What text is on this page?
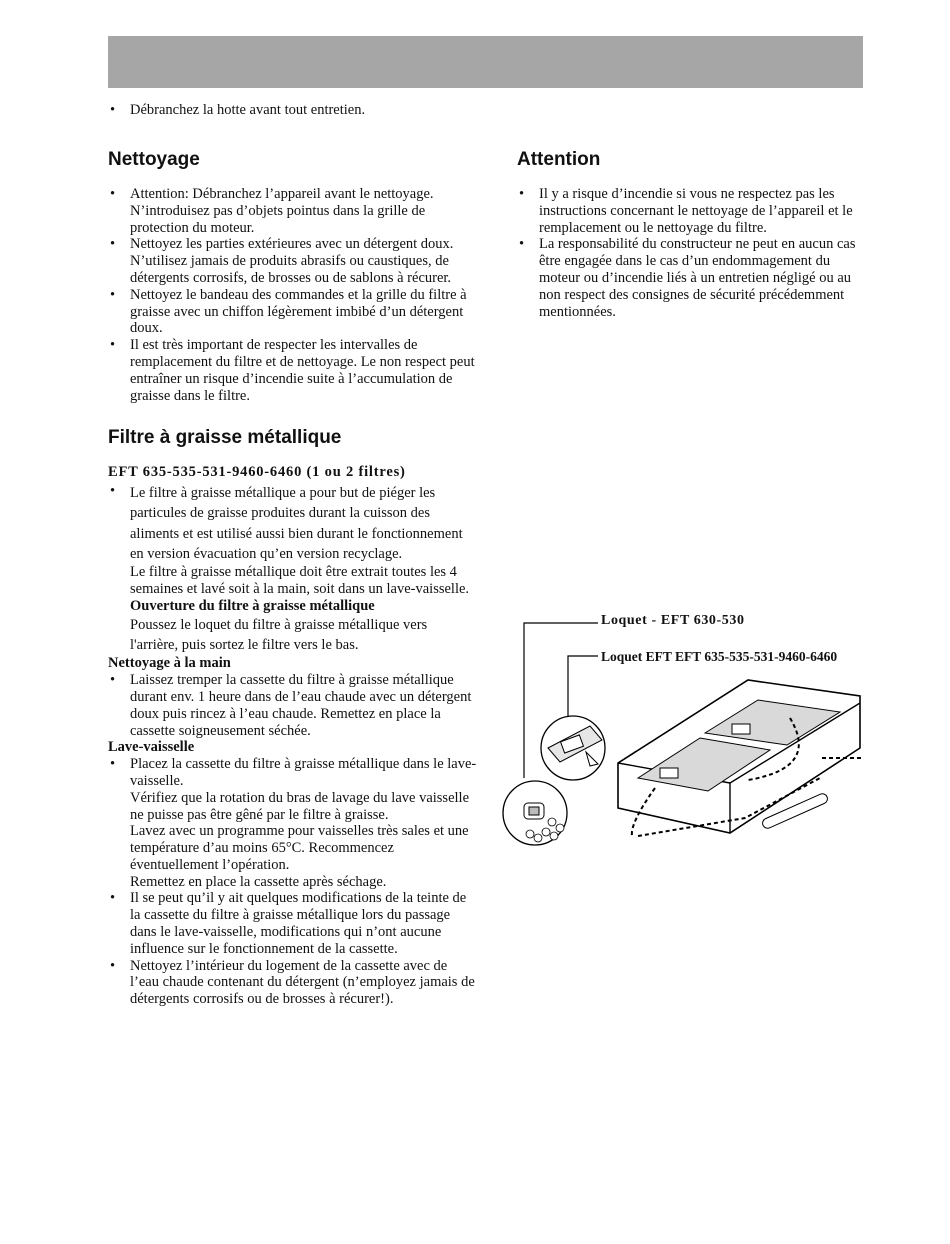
• Débranchez la hotte avant tout entretien.
Nettoyage
• Attention: Débranchez l’appareil avant le nettoyage.
N’introduisez pas d’objets pointus dans la grille de protection du moteur.
• Nettoyez les parties extérieures avec un détergent doux.
N’utilisez jamais de produits abrasifs ou caustiques, de détergents corrosifs, de brosses ou de sablons à récurer.
• Nettoyez le bandeau des commandes et la grille du filtre à graisse avec un chiffon légèrement imbibé d’un détergent doux.
• Il est très important de respecter les intervalles de remplacement du filtre et de nettoyage. Le non respect peut entraîner un risque d’incendie suite à l’accumulation de graisse dans le filtre.
Filtre à graisse métallique
EFT 635-535-531-9460-6460 (1 ou 2 filtres)
• Le filtre à graisse métallique a pour but de piéger les particules de graisse produites durant la cuisson des aliments et est utilisé aussi bien durant le fonctionnement en version évacuation qu’en version recyclage.
Le filtre à graisse métallique doit être extrait toutes les 4 semaines et lavé soit à la main, soit dans un lave-vaisselle.
Ouverture du filtre à graisse métallique
Poussez le loquet du filtre à graisse métallique vers l'arrière, puis sortez le filtre vers le bas.
Nettoyage à la main
• Laissez tremper la cassette du filtre à graisse métallique durant env. 1 heure dans de l’eau chaude avec un détergent doux puis rincez à l’eau chaude. Remettez en place la cassette soigneusement séchée.
Lave-vaisselle
• Placez la cassette du filtre à graisse métallique dans le lave-vaisselle.
Vérifiez que la rotation du bras de lavage du lave vaisselle ne puisse pas être gêné par le filtre à graisse.
Lavez avec un programme pour vaisselles très sales et une température d’au moins 65°C. Recommencez éventuellement l’opération.
Remettez en place la cassette après séchage.
• Il se peut qu’il y ait quelques modifications de la teinte de la cassette du filtre à graisse métallique lors du passage dans le lave-vaisselle, modifications qui n’ont aucune influence sur le fonctionnement de la cassette.
• Nettoyez l’intérieur du logement de la cassette avec de l’eau chaude contenant du détergent (n’employez jamais de détergents corrosifs ou de brosses à récurer!).
Attention
• Il y a risque d’incendie si vous ne respectez pas les instructions concernant le nettoyage de l’appareil et le remplacement ou le nettoyage du filtre.
• La responsabilité du constructeur ne peut en aucun cas être engagée dans le cas d’un endommagement du moteur ou d’incendie liés à un entretien négligé ou au non respect des consignes de sécurité précédemment mentionnées.
Loquet - EFT 630-530
Loquet EFT EFT 635-535-531-9460-6460
